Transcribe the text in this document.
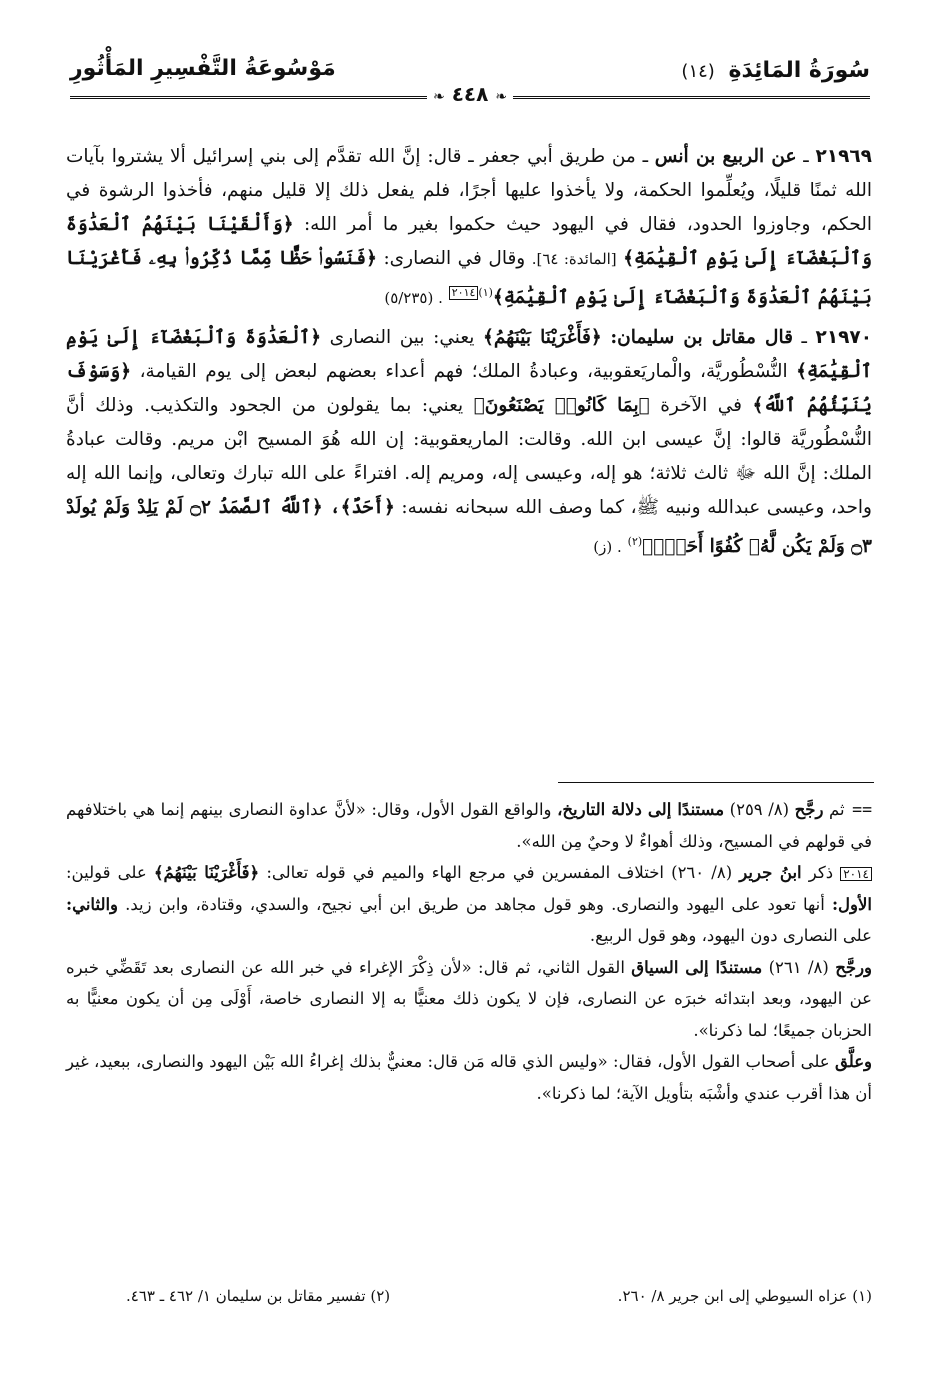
سُورَةُ المَائِدَةِ (١٤)
مَوْسُوعَةُ التَّفْسِيرِ المَأْثُورِ
❧ ٤٤٨ ❧

٢١٩٦٩ ـ عن الربيع بن أنس ـ من طريق أبي جعفر ـ قال: إنَّ الله تقدَّم إلى بني إسرائيل ألا يشتروا بآيات الله ثمنًا قليلًا، ويُعلِّموا الحكمة، ولا يأخذوا عليها أجرًا، فلم يفعل ذلك إلا قليل منهم، فأخذوا الرشوة في الحكم، وجاوزوا الحدود، فقال في اليهود حيث حكموا بغير ما أمر الله: ﴿وَأَلْقَيْنَا بَيْنَهُمُ ٱلْعَدَٰوَةَ وَٱلْبَغْضَآءَ إِلَىٰ يَوْمِ ٱلْقِيَٰمَةِ﴾ [المائدة: ٦٤]. وقال في النصارى: ﴿فَنَسُوا۟ حَظًّا مِّمَّا ذُكِّرُوا۟ بِهِۦ فَأَغْرَيْنَا بَيْنَهُمُ ٱلْعَدَٰوَةَ وَٱلْبَغْضَآءَ إِلَىٰ يَوْمِ ٱلْقِيَٰمَةِ﴾$^{(١)}$٢٠١٤ . (٥/٢٣٥)

٢١٩٧٠ ـ قال مقاتل بن سليمان: ﴿فَأَغْرَيْنَا بَيْنَهُمُ﴾ يعني: بين النصارى ﴿ٱلْعَدَٰوَةَ وَٱلْبَغْضَآءَ إِلَىٰ يَوْمِ ٱلْقِيَٰمَةِ﴾ النُّسْطُوريَّة، والْماريَعقوبية، وعبادةُ الملك؛ فهم أعداء بعضهم لبعض إلى يوم القيامة، ﴿وَسَوْفَ يُنَبِّئُهُمُ ٱللَّهُ﴾ في الآخرة ﴿بِمَا كَانُوا۟ يَصْنَعُونَ﴾ يعني: بما يقولون من الجحود والتكذيب. وذلك أنَّ النُّسْطُوريَّة قالوا: إنَّ عيسى ابن الله. وقالت: الماريعقوبية: إن الله هُوَ المسيح ابْن مريم. وقالت عبادةُ الملك: إنَّ الله ﷻ ثالث ثلاثة؛ هو إله، وعيسى إله، ومريم إله. افتراءً على الله تبارك وتعالى، وإنما الله إله واحد، وعيسى عبدالله ونبيه ﷺ، كما وصف الله سبحانه نفسه: ﴿أَحَدٌ﴾، ﴿ٱللَّهُ ٱلصَّمَدُ ۝٢ لَمْ يَلِدْ وَلَمْ يُولَدْ ۝٣ وَلَمْ يَكُن لَّهُۥ كُفُوًا أَحَدٌۢ﴾$^{(٢)}$ . (ز)

== ثم رجَّح (٨/ ٢٥٩) مستندًا إلى دلالة التاريخ، والواقع القول الأول، وقال: «لأنَّ عداوة النصارى بينهم إنما هي باختلافهم في قولهم في المسيح، وذلك أهواءٌ لا وحيٌ مِن الله».

٢٠١٤ ذكر ابنُ جرير (٨/ ٢٦٠) اختلاف المفسرين في مرجع الهاء والميم في قوله تعالى: ﴿فَأَغْرَيْنَا بَيْنَهُمُ﴾ على قولين: الأول: أنها تعود على اليهود والنصارى. وهو قول مجاهد من طريق ابن أبي نجيح، والسدي، وقتادة، وابن زيد. والثاني: على النصارى دون اليهود، وهو قول الربيع.

ورجَّح (٨/ ٢٦١) مستندًا إلى السياق القول الثاني، ثم قال: «لأن ذِكْرَ الإغراء في خبر الله عن النصارى بعد تَقَضِّي خبره عن اليهود، وبعد ابتدائه خبرَه عن النصارى، فإن لا يكون ذلك معنيًّا به إلا النصارى خاصة، أَوْلَى مِن أن يكون معنيًّا به الحزبان جميعًا؛ لما ذكرنا».

وعلَّق على أصحاب القول الأول، فقال: «وليس الذي قاله مَن قال: معنيٌّ بذلك إغراءُ الله بَيْن اليهود والنصارى، ببعيد، غير أن هذا أقرب عندي وأشْبَه بتأويل الآية؛ لما ذكرنا».

(١) عزاه السيوطي إلى ابن جرير ٨/ ٢٦٠.
(٢) تفسير مقاتل بن سليمان ١/ ٤٦٢ ـ ٤٦٣.
